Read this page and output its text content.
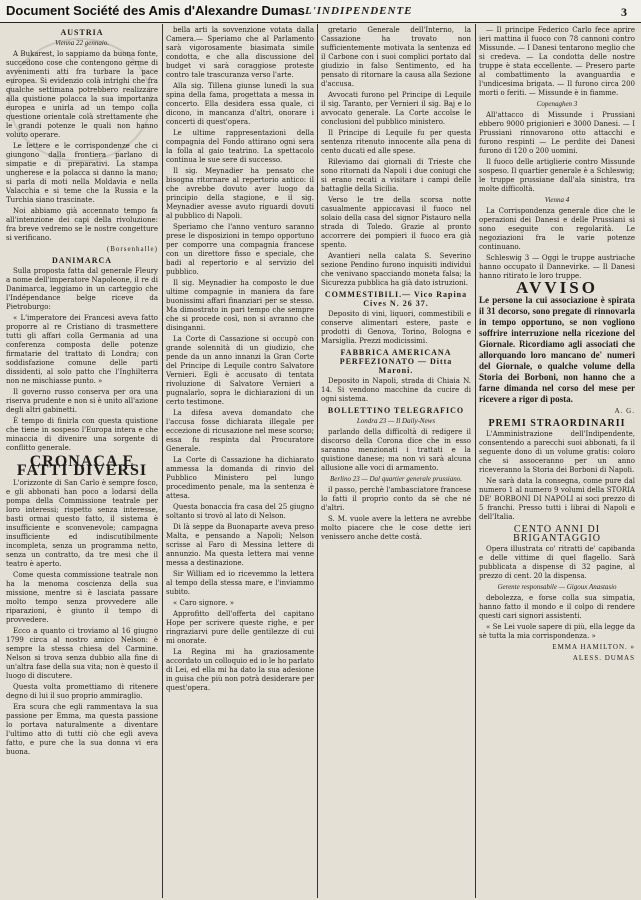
Document Société des Amis d'Alexandre Dumas L'INDIPENDENTE	3
AUSTRIA
Vienna 22 gennaio.

A Bukarest, lo sappiamo da buona fonte, succedono cose che contengono germe di avvenimenti atti fra turbare la pace europea. Si evidenzio colà intrighi che fra qualche settimana potrebbero realizzare alla quistione polacca la sua importanza europea e unirla ad un tempo colla questione orientale colà strettamente che le grandi potenze le quali non hanno voluto operare.

Le lettere e le corrispondenze che ci giungono dalla frontiera parlano di simpatie e di preparativi. La stampa ungherese e la polacca si danno la mano; si parla di moti nella Moldavia e nella Valacchia e si teme che la Russia e la Turchia siano trascinate.

Noi abbiamo già accennato tempo fa all'intenzione dei capi della rivoluzione: fra breve vedremo se le nostre congetture si verificano.

(Borsenhalle)
DANIMARCA

Sulla proposta fatta dal generale Fleury a nome dell'imperatore Napoleone, il re di Danimarca, leggiamo in un carteggio che l'Indépendance belge riceve da Pietroburgo:

« L'imperatore dei Francesi aveva fatto proporre al re Cristiano di trasmettere tutti gli affari colla Germania ad una conferenza composta delle potenze firmatarie del trattato di Londra; con soddisfazione comune delle parti dissidenti, al solo patto che l'Inghilterra non ne mischiasse punto. »

Il governo russo conserva per ora una riserva prudente e non si è unito all'azione degli altri gabinetti.

È tempo di finirla con questa quistione che tiene in sospeso l'Europa intera e che minaccia di divenire una sorgente di conflitto generale.

CRONACA E FATTI DIVERSI

L'orizzonte di San Carlo è sempre fosco, e gli abbonati han poco a lodarsi della pompa della Commissione teatrale per loro interessi; rispetto senza interesse, basti ormai questo fatto, il sistema è insufficiente e sconvenevole; campagna insufficiente ed indiscutibilmente incompleta, senza un programma netto, senza un contratto, da tre mesi che il teatro è aperto.

Come questa commissione teatrale non ha la menoma coscienza della sua missione, mentre si è lasciata passare molto tempo senza provvedere alle riparazioni, è giunto il tempo di provvedere.

Ecco a quanto ci troviamo al 16 giugno 1799 circa al nostro amico Nelson: è sempre la stessa chiesa del Carmine. Nelson si trova senza dubbio alla fine di un'altra fase della sua vita; non è questo il luogo di discutere.

Questa volta promettiamo di ritenere degno di lui il suo proprio ammiraglio.

Era scura che egli rammentava la sua passione per Emma, ma questa passione lo portava naturalmente a diventare l'ultimo atto di tutti ciò che egli aveva fatto, e pure che la sua donna vi era buona.

bella arti la sovvenzione votata dalla Camera.— Speriamo che al Parlamento sarà vigorosamente biasimata simile condotta, e che alla discussione del budget vi sarà coraggiose proteste contro tale trascuranza verso l'arte.

Alla sig. Tillena giunse lunedì la sua spina della fama, progettata a messa in concerto. Ella desidera essa quale, ci dicono, in mancanza d'altri, onorare i concerti di quest'opera.

Le ultime rappresentazioni della compagnia del Fondo attirano ogni sera la folla al gaio teatrino. La spettacolo continua le sue sere di successo.

Il sig. Meynadier ha pensato che bisogna ritornare al repertorio antico: il che avrebbe dovuto aver luogo da principio della stagione, e il sig. Meynadier avesse avuto riguardi dovuti al pubblico di Napoli.

Speriamo che l'anno venturo saranno prese le disposizioni in tempo opportuno per comporre una compagnia francese con un direttore fisso e speciale, che badi al repertorio e al servizio del pubblico.

Il sig. Meynadier ha composto le due ultime compagnie in maniera da fare buonissimi affari finanziari per se stesso. Ma dimostrato in pari tempo che sempre che si procede così, non si avranno che disinganni.

La Corte di Cassazione si occupò con grande solennità di un giudizio, che pende da un anno innanzi la Gran Corte del Principe di Lequile contro Salvatore Vernieri. Egli è accusato di tentata rivoluzione di Salvatore Vernieri a pugnalarlo, sopra le dichiarazioni di un certo testimone.

La difesa aveva domandato che l'accusa fosse dichiarata illegale per eccezione di ricusazione nel mese scorso; essa fu respinta dal Procuratore Generale.

La Corte di Cassazione ha dichiarato ammessa la domanda di rinvio del Pubblico Ministero pel lungo procedimento penale, ma la sentenza è attesa.

Questa bonaccia fra casa del 25 giugno soltanto si trovò al lato di Nelson.

Di là seppe da Buonaparte aveva preso Malta, e pensando a Napoli; Nelson scrisse al Faro di Messina lettere di annunzio. Ma questa lettera mai venne messa a destinazione.

Sir William ed io ricevemmo la lettera al tempo della stessa mare, e l'inviammo subito.

« Caro signore. »

Approfitto dell'offerta del capitano Hope per scrivere queste righe, e per ringraziarvi pure delle gentilezze di cui mi onorate.

La Regina mi ha graziosamente accordato un colloquio ed io le ho parlato di Lei, ed ella mi ha dato la sua adesione in guisa che più non potrà desiderare per quest'opera.

gretario Generale dell'Interno, la Cassazione ha trovato non sufficientemente motivata la sentenza ed il Carbone con i suoi complici portato dal giudizio in falso Sentimento, ed ha pensato di ritornare la causa alla Sezione d'accusa.

Avvocati furono pel Principe di Lequile il sig. Taranto, per Vernieri il sig. Baj e lo avvocato generale. La Corte accolse le conclusioni del pubblico ministero.

Il Principe di Lequile fu per questa sentenza ritenuto innocente alla pena di cento ducati ed alle spese.

Rileviamo dai giornali di Trieste che sono ritornati da Napoli i due coniugi che si erano recati a visitare i campi delle battaglie della Sicilia.

Verso le tre della scorsa notte casualmente appiccavasi il fuoco nel solaio della casa del signor Pistauro nella strada di Toledo. Grazie al pronto accorrere dei pompieri il fuoco era già spento.

Avantieri nella calata S. Severino sezione Pendino furono inquisiti individui che venivano spacciando moneta falsa; la Sicurezza pubblica ha già dato istruzioni.

COMMESTIBILI.— Vico Rapina Cives N. 26 37.

Deposito di vini, liquori, commestibili e conserve alimentari estere, paste e prodotti di Genova, Torino, Bologna e Marsiglia. Prezzi modicissimi.

FABBRICA AMERICANA PERFEZIONATO — Ditta Maroni.

Deposito in Napoli, strada di Chiaia N. 14. Si vendono macchine da cucire di ogni sistema.

BOLLETTINO TELEGRAFICO
Londra 23 — Il Daily-News

parlando della difficoltà di redigere il discorso della Corona dice che in esso saranno menzionati i trattati e la quistione danese; ma non vi sarà alcuna allusione alle voci di armamento.

Berlino 23 — Dal quartier generale prussiano.

il passo, perchè l'ambasciatore francese lo fatti il proprio conto da sè che né d'altri.

S. M. vuole avere la lettera ne avrebbe molto piacere che le cose dette ieri venissero anche dette costà.

— Il principe Federico Carlo fece aprire ieri mattina il fuoco con 78 cannoni contro Missunde. — I Danesi tentarono meglio che si credeva. — La condotta delle nostre truppe è stata eccellente. — Presero parte al combattimento la avanguardia e l'undicesima brigata. — Il furono circa 200 morti o feriti. — Missunde è in fiamme.

Copenaghen 3

All'attacco di Missunde i Prussiani ebbero 9000 prigionieri e 3000 Danesi. — I Prussiani rinnovarono otto attacchi e furono respinti — Le perdite dei Danesi furono di 120 o 200 uomini.

Il fuoco delle artiglierie contro Missunde sospeso. Il quartier generale è a Schleswig; le truppe prussiane dall'ala sinistra, tra molte difficoltà.

Vienna 4

La Corrispondenza generale dice che le operazioni dei Danesi e delle Prussiani si sono eseguite con regolarità. Le negoziazioni fra le varie potenze continuano.

Schleswig 3 — Oggi le truppe austriache hanno occupato il Dannevirke. — Il Danesi hanno ritirato le loro truppe.

AVVISO
Le persone la cui associazione è spirata il 31 decorso, sono pregate di rinnovarla in tempo opportuno, se non vogliono soffrire interruzione nella ricezione del Giornale. Ricordiamo agli associati che allorquando loro mancano de' numeri del Giornale, o qualche volume della Storia dei Borboni, non hanno che a farne dimanda nel corso del mese per ricevere a rigor di posta.
A. G.
PREMI STRAORDINARII

L'Amministrazione dell'Indipendente, consentendo a parecchi suoi abbonati, fa il seguente dono di un volume gratis: coloro che si assoceranno per un anno riceveranno la Storia dei Borboni di Napoli.

Ne sarà data la consegna, come pure dal numero 1 al numero 9 volumi della STORIA DE' BORBONI DI NAPOLI ai soci prezzo di 5 franchi. Presso tutti i librai di Napoli e dell'Italia.

CENTO ANNI DI BRIGANTAGGIO

Opera illustrata co' ritratti de' capibanda e delle vittime di quel flagello. Sarà pubblicata a dispense di 32 pagine, al prezzo di cent. 20 la dispensa.

Gerente responsabile — Gigoux Anastasio

debolezza, e forse colla sua simpatia, hanno fatto il mondo e il colpo di rendere questi cari signori assistenti.

« Se Lei vuole sapere di più, ella legge da sè tutta la mia corrispondenza. »

EMMA HAMILTON. »
ALESS. DUMAS
